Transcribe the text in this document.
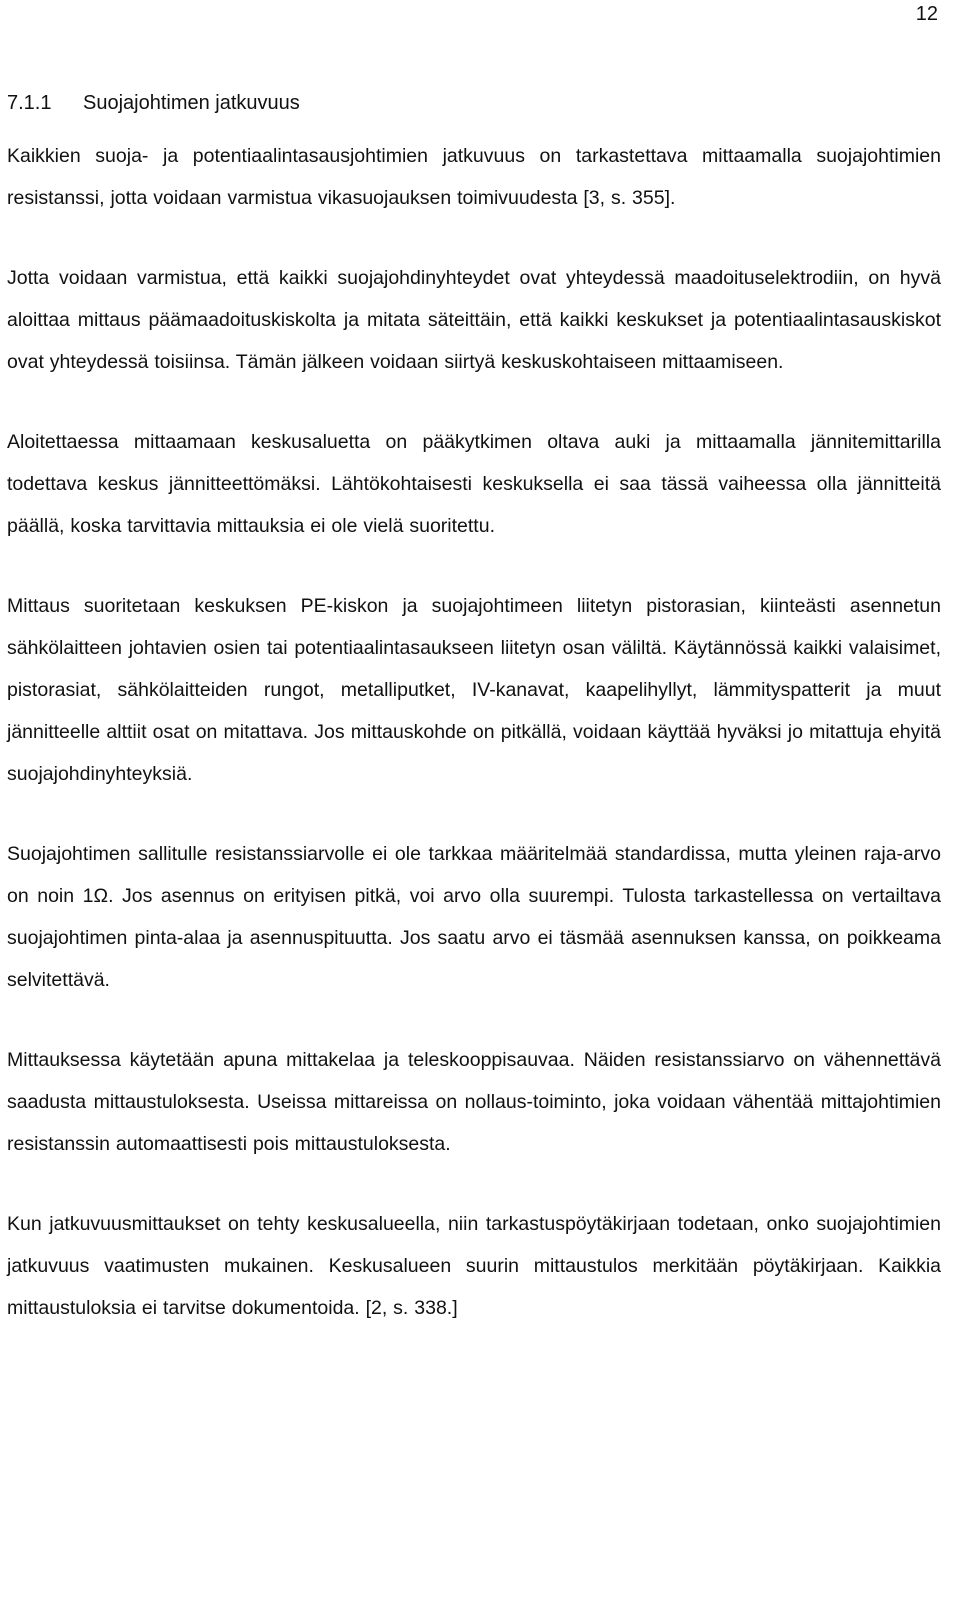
12
7.1.1 Suojajohtimen jatkuvuus

Kaikkien suoja- ja potentiaalintasausjohtimien jatkuvuus on tarkastettava mittaamalla suojajohtimien resistanssi, jotta voidaan varmistua vikasuojauksen toimivuudesta [3, s. 355].

Jotta voidaan varmistua, että kaikki suojajohdinyhteydet ovat yhteydessä maadoituselektrodiin, on hyvä aloittaa mittaus päämaadoituskiskolta ja mitata säteittäin, että kaikki keskukset ja potentiaalintasauskiskot ovat yhteydessä toisiinsa. Tämän jälkeen voidaan siirtyä keskuskohtaiseen mittaamiseen.

Aloitettaessa mittaamaan keskusaluetta on pääkytkimen oltava auki ja mittaamalla jännitemittarilla todettava keskus jännitteettömäksi. Lähtökohtaisesti keskuksella ei saa tässä vaiheessa olla jännitteitä päällä, koska tarvittavia mittauksia ei ole vielä suoritettu.

Mittaus suoritetaan keskuksen PE-kiskon ja suojajohtimeen liitetyn pistorasian, kiinteästi asennetun sähkölaitteen johtavien osien tai potentiaalintasaukseen liitetyn osan väliltä. Käytännössä kaikki valaisimet, pistorasiat, sähkölaitteiden rungot, metalliputket, IV-kanavat, kaapelihyllyt, lämmityspatterit ja muut jännitteelle alttiit osat on mitattava. Jos mittauskohde on pitkällä, voidaan käyttää hyväksi jo mitattuja ehyitä suojajohdinyhteyksiä.

Suojajohtimen sallitulle resistanssiarvolle ei ole tarkkaa määritelmää standardissa, mutta yleinen raja-arvo on noin 1Ω. Jos asennus on erityisen pitkä, voi arvo olla suurempi. Tulosta tarkastellessa on vertailtava suojajohtimen pinta-alaa ja asennuspituutta. Jos saatu arvo ei täsmää asennuksen kanssa, on poikkeama selvitettävä.

Mittauksessa käytetään apuna mittakelaa ja teleskooppisauvaa. Näiden resistanssiarvo on vähennettävä saadusta mittaustuloksesta. Useissa mittareissa on nollaus-toiminto, joka voidaan vähentää mittajohtimien resistanssin automaattisesti pois mittaustuloksesta.

Kun jatkuvuusmittaukset on tehty keskusalueella, niin tarkastuspöytäkirjaan todetaan, onko suojajohtimien jatkuvuus vaatimusten mukainen. Keskusalueen suurin mittaustulos merkitään pöytäkirjaan. Kaikkia mittaustuloksia ei tarvitse dokumentoida. [2, s. 338.]
